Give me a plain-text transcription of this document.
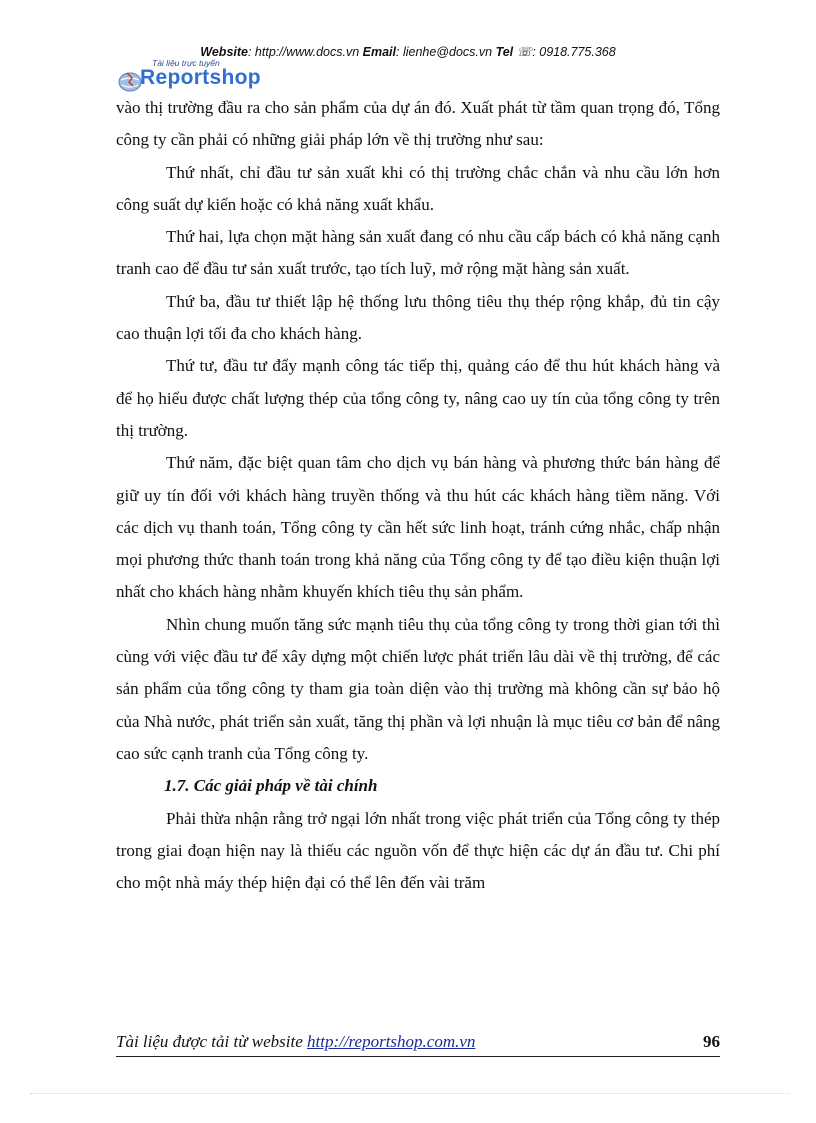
Website: http://www.docs.vn Email: lienhe@docs.vn Tel ☏: 0918.775.368
Tài liệu trực tuyến
Reportshop

vào thị trường đầu ra cho sản phẩm của dự án đó. Xuất phát từ tầm quan trọng đó, Tổng công ty cần phải có những giải pháp lớn về thị trường như sau:

Thứ nhất, chỉ đầu tư sản xuất khi có thị trường chắc chắn và nhu cầu lớn hơn công suất dự kiến hoặc có khả năng xuất khẩu.

Thứ hai, lựa chọn mặt hàng sản xuất đang có nhu cầu cấp bách có khả năng cạnh tranh cao để đầu tư sản xuất trước, tạo tích luỹ, mở rộng mặt hàng sản xuất.

Thứ ba, đầu tư thiết lập hệ thống lưu thông tiêu thụ thép rộng khắp, đủ tin cậy cao thuận lợi tối đa cho khách hàng.

Thứ tư, đầu tư đẩy mạnh công tác tiếp thị, quảng cáo để thu hút khách hàng và để họ hiểu được chất lượng thép của tổng công ty, nâng cao uy tín của tổng công ty trên thị trường.

Thứ năm, đặc biệt quan tâm cho dịch vụ bán hàng và phương thức bán hàng để giữ uy tín đối với khách hàng truyền thống và thu hút các khách hàng tiềm năng. Với các dịch vụ thanh toán, Tổng công ty cần hết sức linh hoạt, tránh cứng nhắc, chấp nhận mọi phương thức thanh toán trong khả năng của Tổng công ty để tạo điều kiện thuận lợi nhất cho khách hàng nhằm khuyến khích tiêu thụ sản phẩm.

Nhìn chung muốn tăng sức mạnh tiêu thụ của tổng công ty trong thời gian tới thì cùng với việc đầu tư để xây dựng một chiến lược phát triển lâu dài về thị trường, để các sản phẩm của tổng công ty tham gia toàn diện vào thị trường mà không cần sự bảo hộ của Nhà nước, phát triển sản xuất, tăng thị phần và lợi nhuận là mục tiêu cơ bản để nâng cao sức cạnh tranh của Tổng công ty.

1.7. Các giải pháp về tài chính

Phải thừa nhận rằng trở ngại lớn nhất trong việc phát triển của Tổng công ty thép trong giai đoạn hiện nay là thiếu các nguồn vốn để thực hiện các dự án đầu tư. Chi phí cho một nhà máy thép hiện đại có thể lên đến vài trăm

Tài liệu được tải từ website http://reportshop.com.vn	96
